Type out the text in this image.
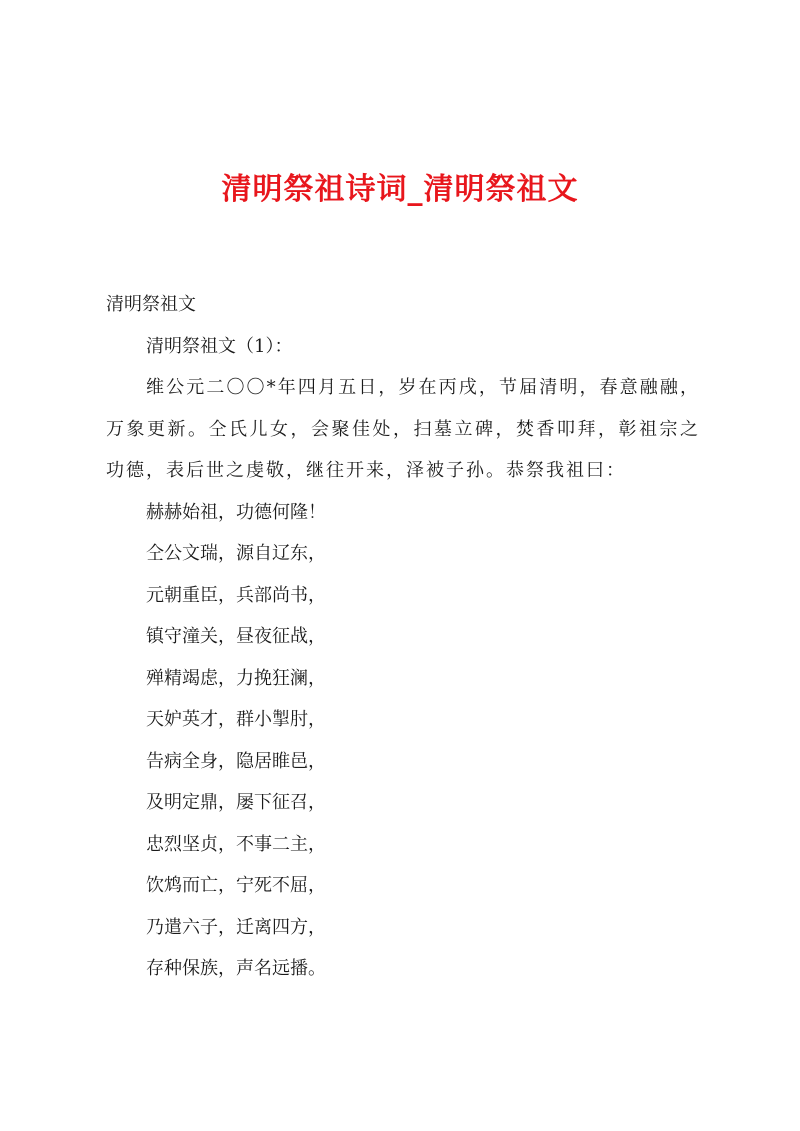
清明祭祖诗词_清明祭祖文

清明祭祖文

清明祭祖文（1）：

维公元二〇〇*年四月五日，岁在丙戌，节届清明，春意融融，万象更新。仝氏儿女，会聚佳处，扫墓立碑，焚香叩拜，彰祖宗之功德，表后世之虔敬，继往开来，泽被子孙。恭祭我祖曰：

赫赫始祖，功德何隆！

仝公文瑞，源自辽东，

元朝重臣，兵部尚书，

镇守潼关，昼夜征战，

殚精竭虑，力挽狂澜，

天妒英才，群小掣肘，

告病全身，隐居睢邑，

及明定鼎，屡下征召，

忠烈坚贞，不事二主，

饮鸩而亡，宁死不屈，

乃遣六子，迁离四方，

存种保族，声名远播。
